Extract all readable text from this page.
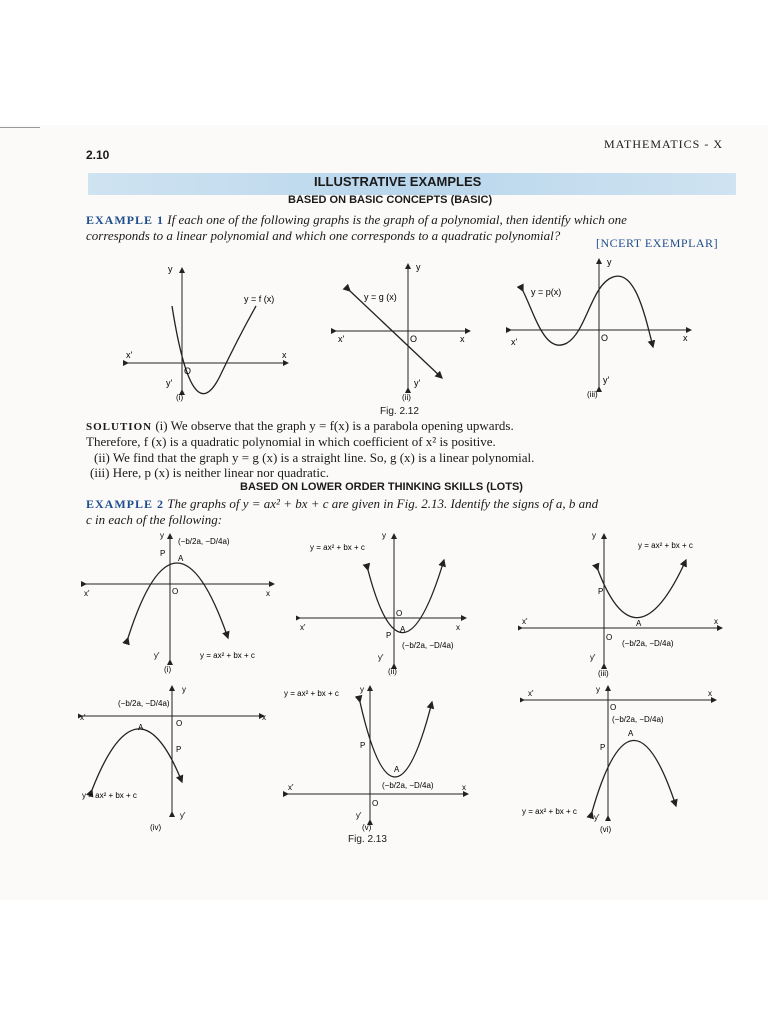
2.10
MATHEMATICS - X
ILLUSTRATIVE EXAMPLES
BASED ON BASIC CONCEPTS (BASIC)
EXAMPLE 1 If each one of the following graphs is the graph of a polynomial, then identify which one
corresponds to a linear polynomial and which one corresponds to a quadratic polynomial?	[NCERT EXEMPLAR]
y
x'	x
O
y'
y = f (x)
(i)
y
x'	x
O
y'
y = g (x)
(ii)
y
x'	x
O
y'
y = p(x)
(iii)
Fig. 2.12
SOLUTION (i) We observe that the graph y = f(x) is a parabola opening upwards.
Therefore, f (x) is a quadratic polynomial in which coefficient of x² is positive.
(ii) We find that the graph y = g (x) is a straight line. So, g (x) is a linear polynomial.
(iii) Here, p (x) is neither linear nor quadratic.
BASED ON LOWER ORDER THINKING SKILLS (LOTS)
EXAMPLE 2 The graphs of y = ax² + bx + c are given in Fig. 2.13. Identify the signs of a, b and
c in each of the following:
(−b/2a, −D/4a)
A
P
O
x'	x
y
y'	y = ax² + bx + c
(i)
y = ax² + bx + c
A
P
(−b/2a, −D/4a)
O
x'	x
y
y'
(ii)
y = ax² + bx + c
A
P
(−b/2a, −D/4a)
O
x'	x
y
y'
(iii)
(−b/2a, −D/4a)
A
P
O
x'	x
y
y'
y = ax² + bx + c
(iv)
y = ax² + bx + c
A
P
(−b/2a, −D/4a)
O
x'	x
y
y'
(v)
(−b/2a, −D/4a)
A
P
O
x'	x
y
y'
y = ax² + bx + c
(vi)
Fig. 2.13
